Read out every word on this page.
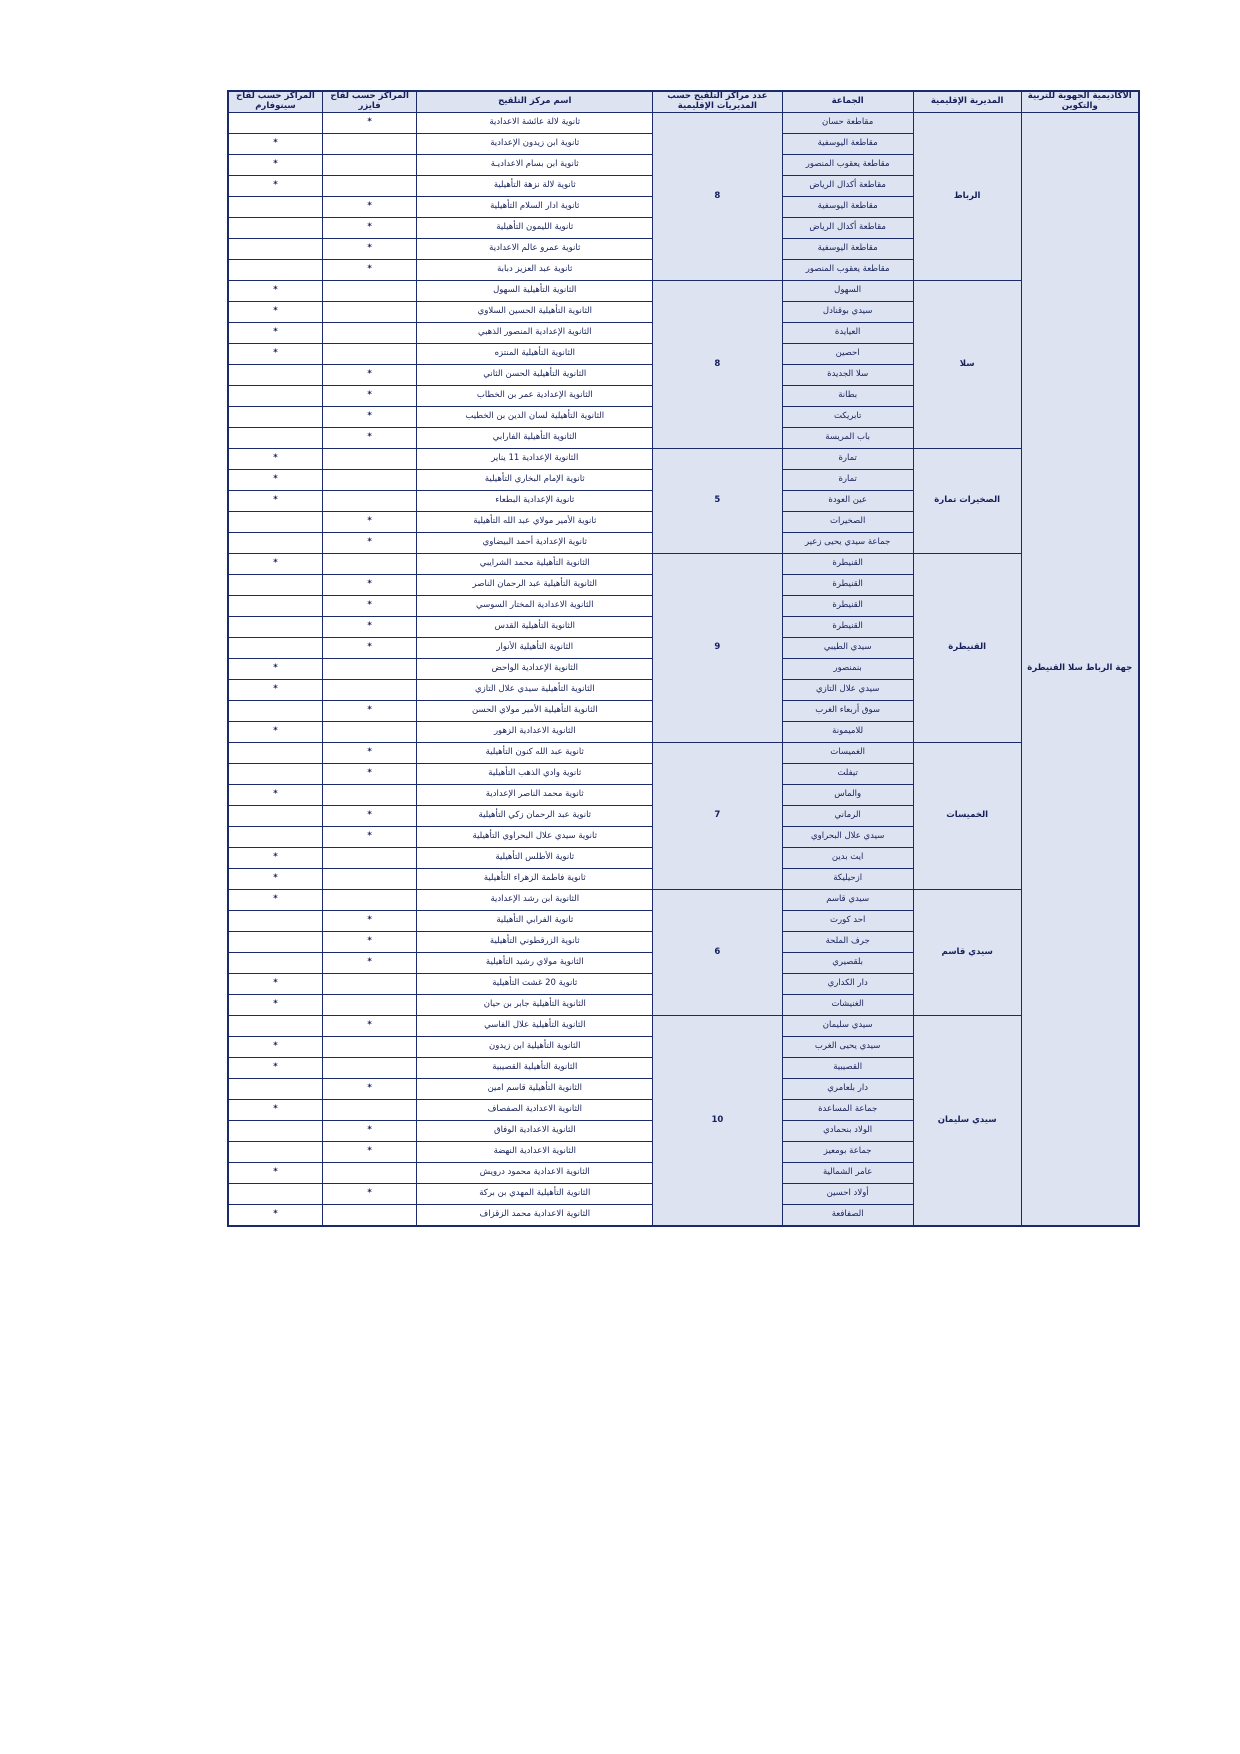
الأكاديمية الجهوية للتربية والتكوين	المديرية الإقليمية	الجماعة	عدد مراكز التلقيح حسب المديريات الإقليمية	اسم مركز التلقيح	المراكز حسب لقاح فايزر	المراكز حسب لقاح سينوفارم

جهة الرباط سلا القنيطرة	الرباط	مقاطعة حسان	8	ثانوية لالة عائشة الاعدادية	*	
		مقاطعة اليوسفية		ثانوية ابن زيدون الإعدادية		*
		مقاطعة يعقوب المنصور		ثانوية ابن بسام الاعداديـة		*
		مقاطعة أكدال الرياض		ثانوية لالة نزهة التأهيلية		*
		مقاطعة اليوسفية		ثانوية ادار السلام التأهيلية	*	
		مقاطعة أكدال الرياض		ثانوية الليمون التأهيلية	*	
		مقاطعة اليوسفية		ثانوية عمرو عالم الاعدادية	*	
		مقاطعة يعقوب المنصور		ثانوية عبد العزيز دبابة	*	
	سلا	السهول	8	الثانوية التأهيلية السهول		*
		سيدي بوقنادل		الثانوية التأهيلية الحسين السلاوي		*
		العيايدة		الثانوية الإعدادية المنصور الذهبي		*
		احصين		الثانوية التأهيلية المنتزه		*
		سلا الجديدة		الثانوية التأهيلية الحسن الثاني	*	
		بطانة		الثانوية الإعدادية عمر بن الخطاب	*	
		تابريكت		الثانوية التأهيلية لسان الدين بن الخطيب	*	
		باب المريسة		الثانوية التأهيلية الفارابي	*	
	الصخيرات تمارة	تمارة	5	الثانوية الإعدادية 11 يناير		*
		تمارة		ثانوية الإمام البخاري التأهيلية		*
		عين العودة		ثانوية الإعدادية البطعاء		*
		الصخيرات		ثانوية الأمير مولاي عبد الله التأهيلية	*	
		جماعة سيدي يحيى زعير		ثانوية الإعدادية أحمد البيضاوي	*	
	القنيطرة	القنيطرة	9	الثانوية التأهيلية محمد الشرايبي		*
		القنيطرة		الثانوية التأهيلية عبد الرحمان الناصر	*	
		القنيطرة		الثانوية الاعدادية المختار السوسي	*	
		القنيطرة		الثانوية التأهيلية القدس	*	
		سيدي الطيبي		الثانوية التأهيلية الأنوار	*	
		بنمنصور		الثانوية الإعدادية الواحض		*
		سيدي علال التازي		الثانوية التأهيلية سيدي علال التازي		*
		سوق أربعاء الغرب		الثانوية التأهيلية الأمير مولاي الحسن	*	
		للاميمونة		الثانوية الاعدادية الزهور		*
	الخميسات	الغميسات	7	ثانوية عبد الله كنون التأهيلية	*	
		تيفلت		ثانوية وادي الذهب التأهيلية	*	
		والماس		ثانوية محمد الناصر الإعدادية		*
		الرماني		ثانوية عبد الرحمان زكي التأهيلية	*	
		سيدي علال البحراوي		ثانوية سيدي علال البحراوي التأهيلية	*	
		ايت بدين		ثانوية الأطلس التأهيلية		*
		ازحيليكة		ثانوية فاطمة الزهراء التأهيلية		*
	سيدي قاسم	سيدي قاسم	6	الثانوية ابن رشد الإعدادية		*
		احد كورت		ثانوية الفرابي التأهيلية	*	
		جرف الملحة		ثانوية الزرقطوني التأهيلية	*	
		بلقصيري		الثانوية مولاي رشيد التأهيلية	*	
		دار الكداري		ثانوية 20 غشت التأهيلية		*
		الغنيشات		الثانوية التأهيلية جابر بن حيان		*
	سيدي سليمان	سيدي سليمان	10	الثانوية التأهيلية علال الفاسي	*	
		سيدي يحيى الغرب		الثانوية التأهيلية ابن زيدون		*
		القصيبية		الثانوية التأهيلية القصيبية		*
		دار بلعامري		الثانوية التأهيلية قاسم امين	*	
		جماعة المساعدة		الثانوية الاعدادية الصفصاف		*
		الولاد بنحمادي		الثانوية الاعدادية الوفاق	*	
		جماعة بومعيز		الثانوية الاعدادية النهضة	*	
		عامر الشمالية		الثانوية الاعدادية محمود درويش		*
		أولاد احسين		الثانوية التأهيلية المهدي بن بركة	*	
		الصفافعة		الثانوية الاعدادية محمد الزقزاف		*
